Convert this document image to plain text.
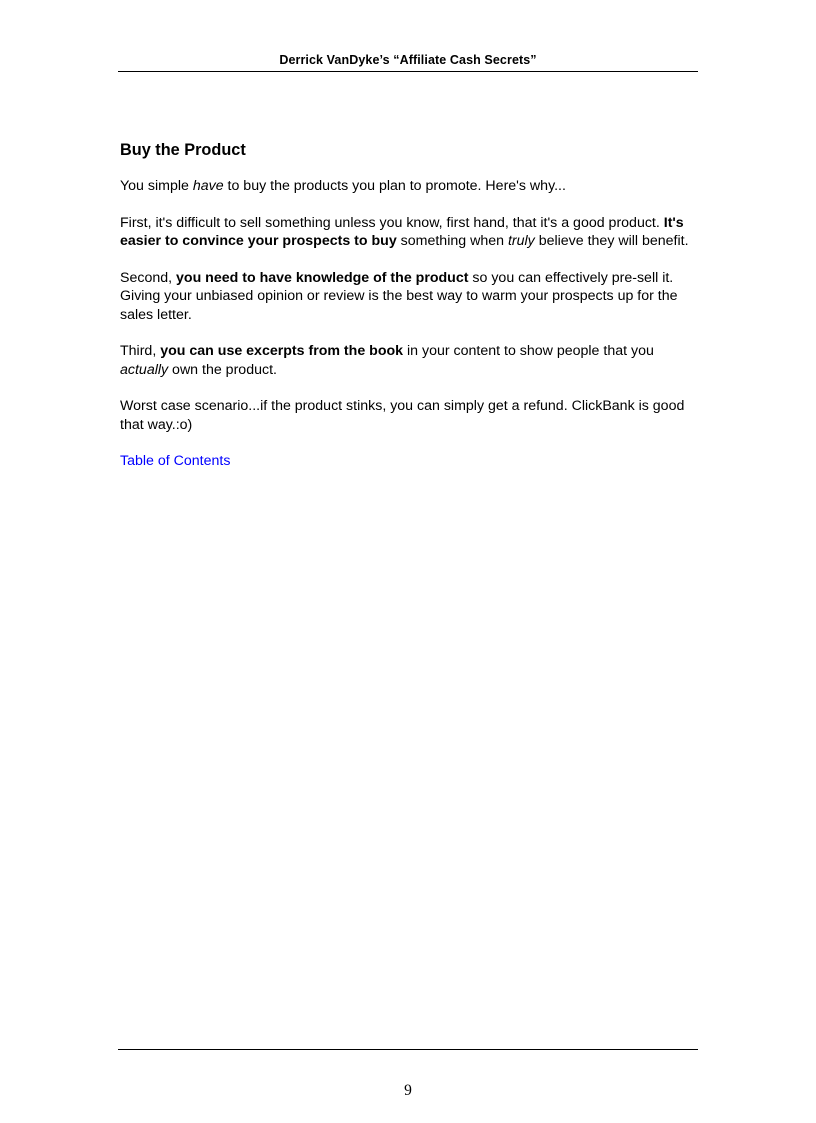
Derrick VanDyke’s “Affiliate Cash Secrets”
Buy the Product

You simple have to buy the products you plan to promote. Here's why...

First, it's difficult to sell something unless you know, first hand, that it's a good product. It's easier to convince your prospects to buy something when truly believe they will benefit.

Second, you need to have knowledge of the product so you can effectively pre-sell it. Giving your unbiased opinion or review is the best way to warm your prospects up for the sales letter.

Third, you can use excerpts from the book in your content to show people that you actually own the product.

Worst case scenario...if the product stinks, you can simply get a refund. ClickBank is good that way.:o)

Table of Contents
9
